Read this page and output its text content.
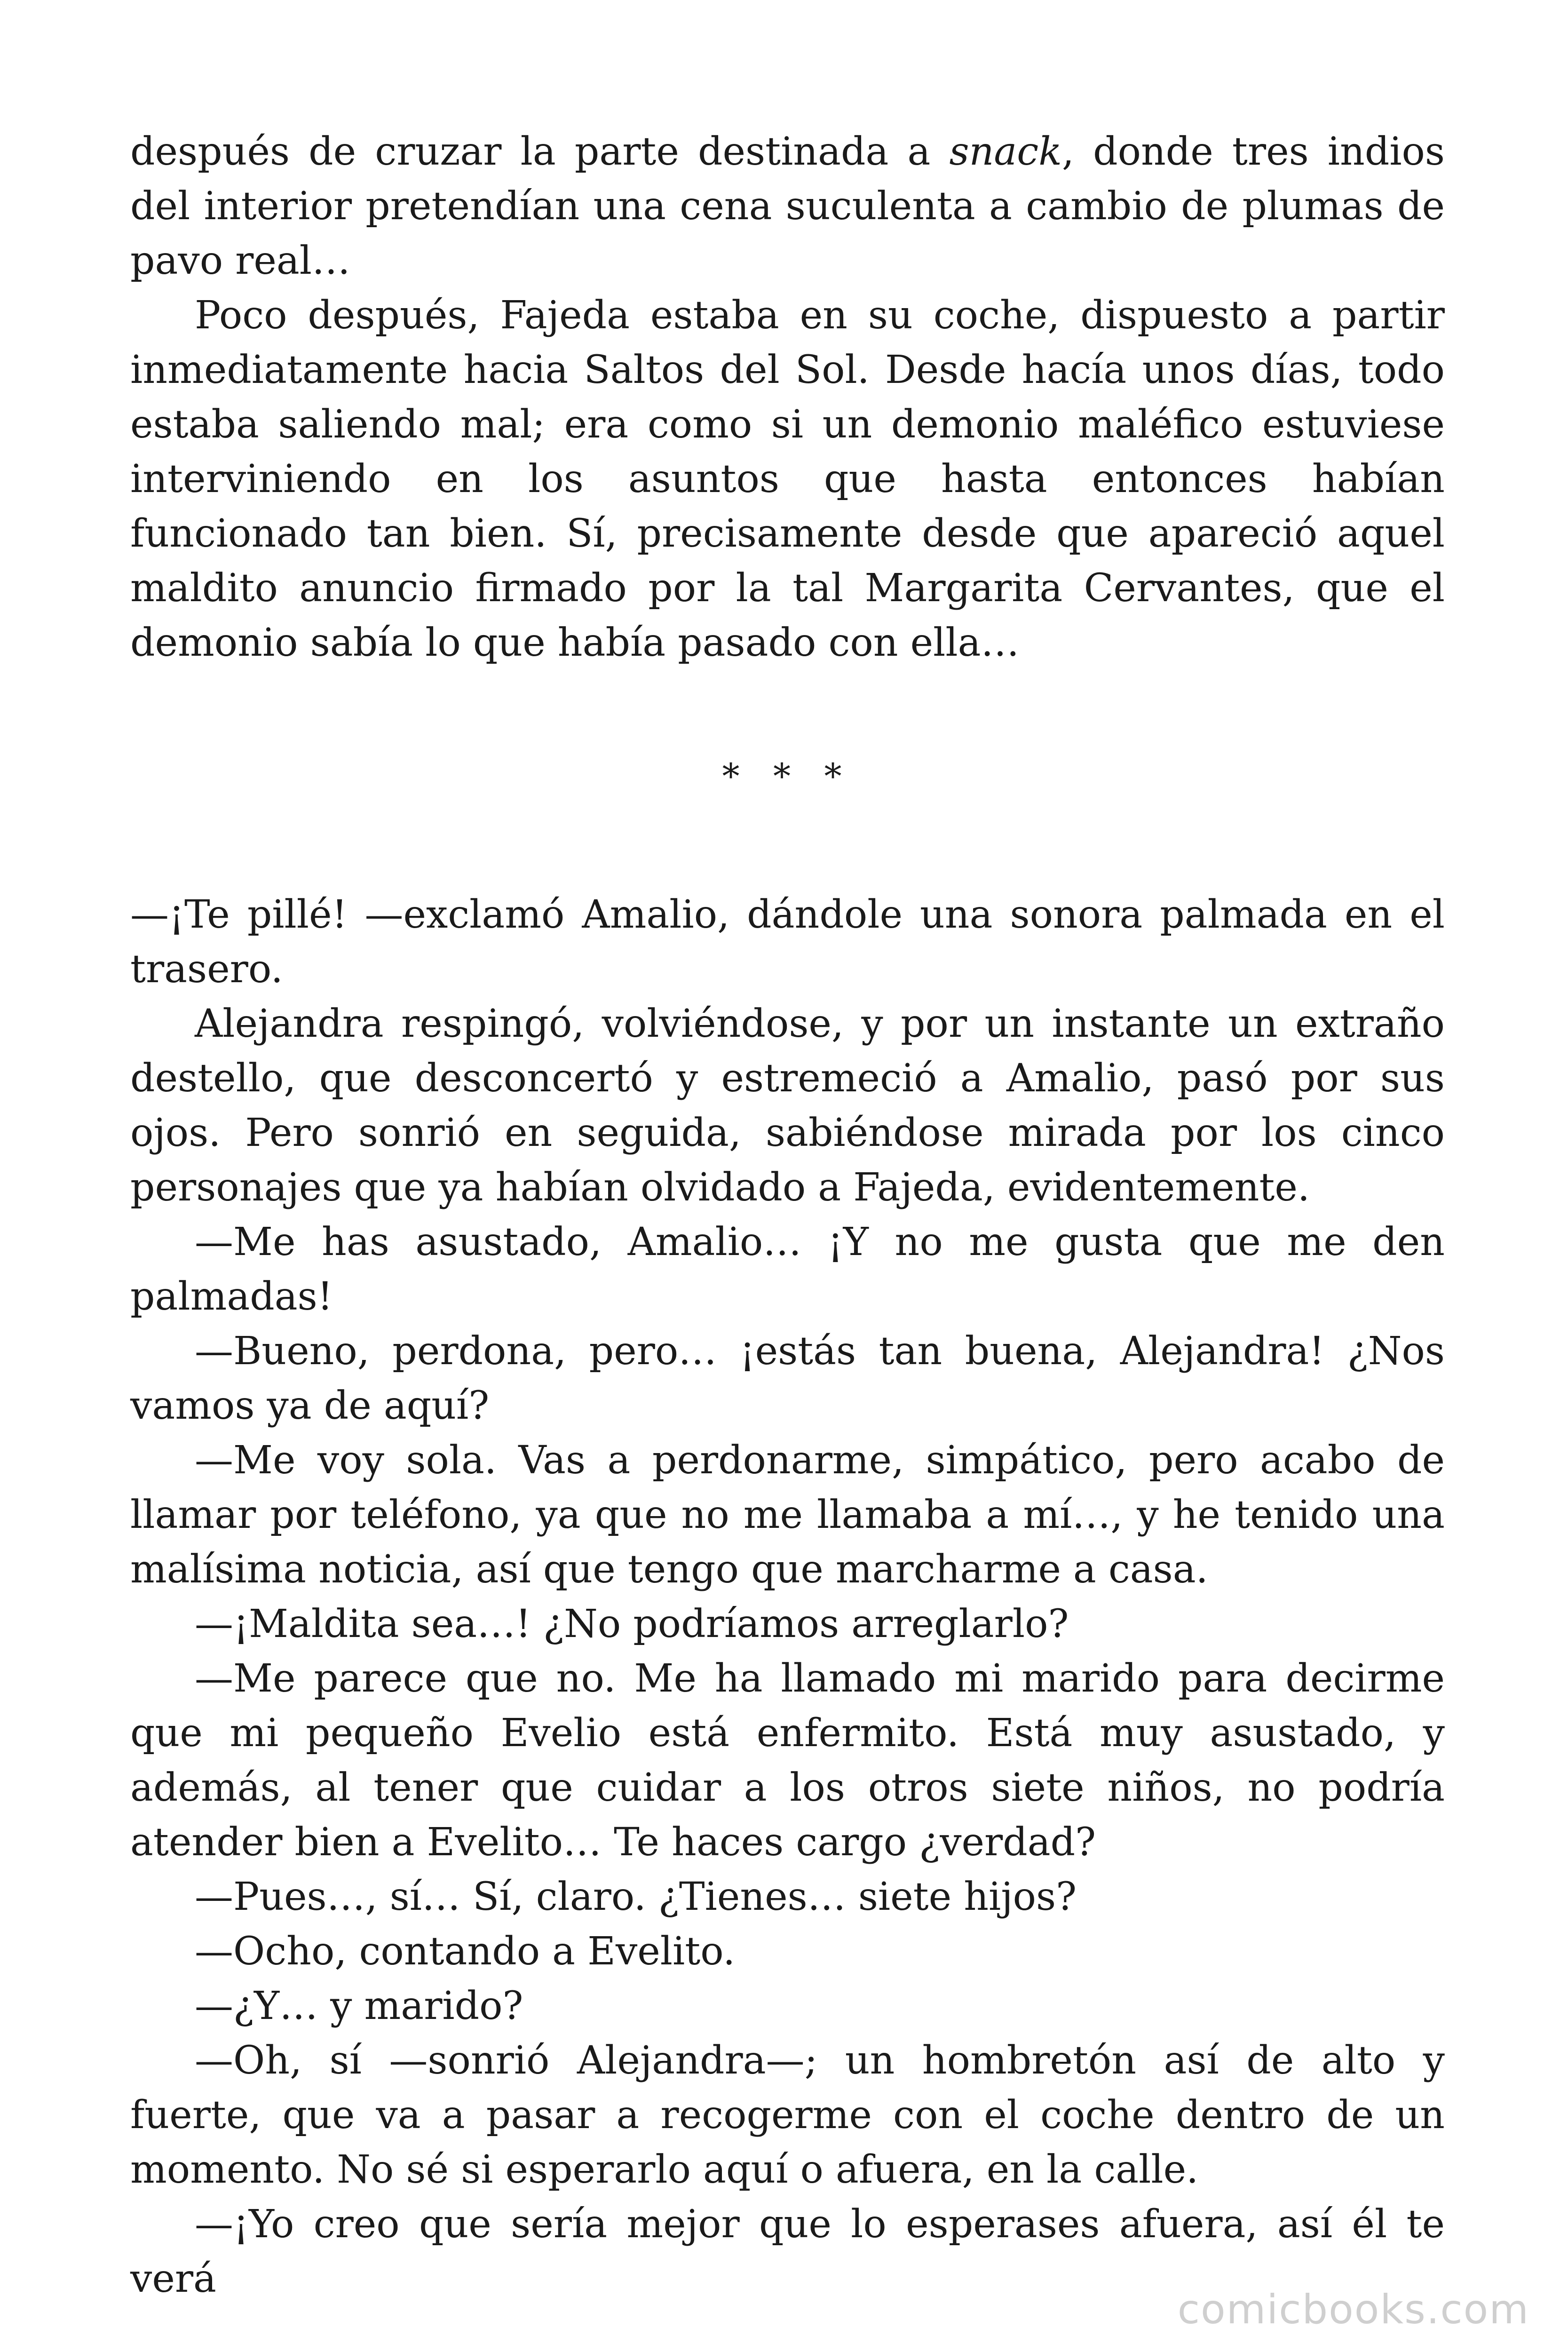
después de cruzar la parte destinada a snack, donde tres indios del interior pretendían una cena suculenta a cambio de plumas de pavo real…

Poco después, Fajeda estaba en su coche, dispuesto a partir inmediatamente hacia Saltos del Sol. Desde hacía unos días, todo estaba saliendo mal; era como si un demonio maléfico estuviese interviniendo en los asuntos que hasta entonces habían funcionado tan bien. Sí, precisamente desde que apareció aquel maldito anuncio firmado por la tal Margarita Cervantes, que el demonio sabía lo que había pasado con ella…

* * *

—¡Te pillé! —exclamó Amalio, dándole una sonora palmada en el trasero.

Alejandra respingó, volviéndose, y por un instante un extraño destello, que desconcertó y estremeció a Amalio, pasó por sus ojos. Pero sonrió en seguida, sabiéndose mirada por los cinco personajes que ya habían olvidado a Fajeda, evidentemente.

—Me has asustado, Amalio… ¡Y no me gusta que me den palmadas!

—Bueno, perdona, pero… ¡estás tan buena, Alejandra! ¿Nos vamos ya de aquí?

—Me voy sola. Vas a perdonarme, simpático, pero acabo de llamar por teléfono, ya que no me llamaba a mí…, y he tenido una malísima noticia, así que tengo que marcharme a casa.

—¡Maldita sea…! ¿No podríamos arreglarlo?

—Me parece que no. Me ha llamado mi marido para decirme que mi pequeño Evelio está enfermito. Está muy asustado, y además, al tener que cuidar a los otros siete niños, no podría atender bien a Evelito… Te haces cargo ¿verdad?

—Pues…, sí… Sí, claro. ¿Tienes… siete hijos?

—Ocho, contando a Evelito.

—¿Y… y marido?

—Oh, sí —sonrió Alejandra—; un hombretón así de alto y fuerte, que va a pasar a recogerme con el coche dentro de un momento. No sé si esperarlo aquí o afuera, en la calle.

—¡Yo creo que sería mejor que lo esperases afuera, así él te verá

comicbooks.com
